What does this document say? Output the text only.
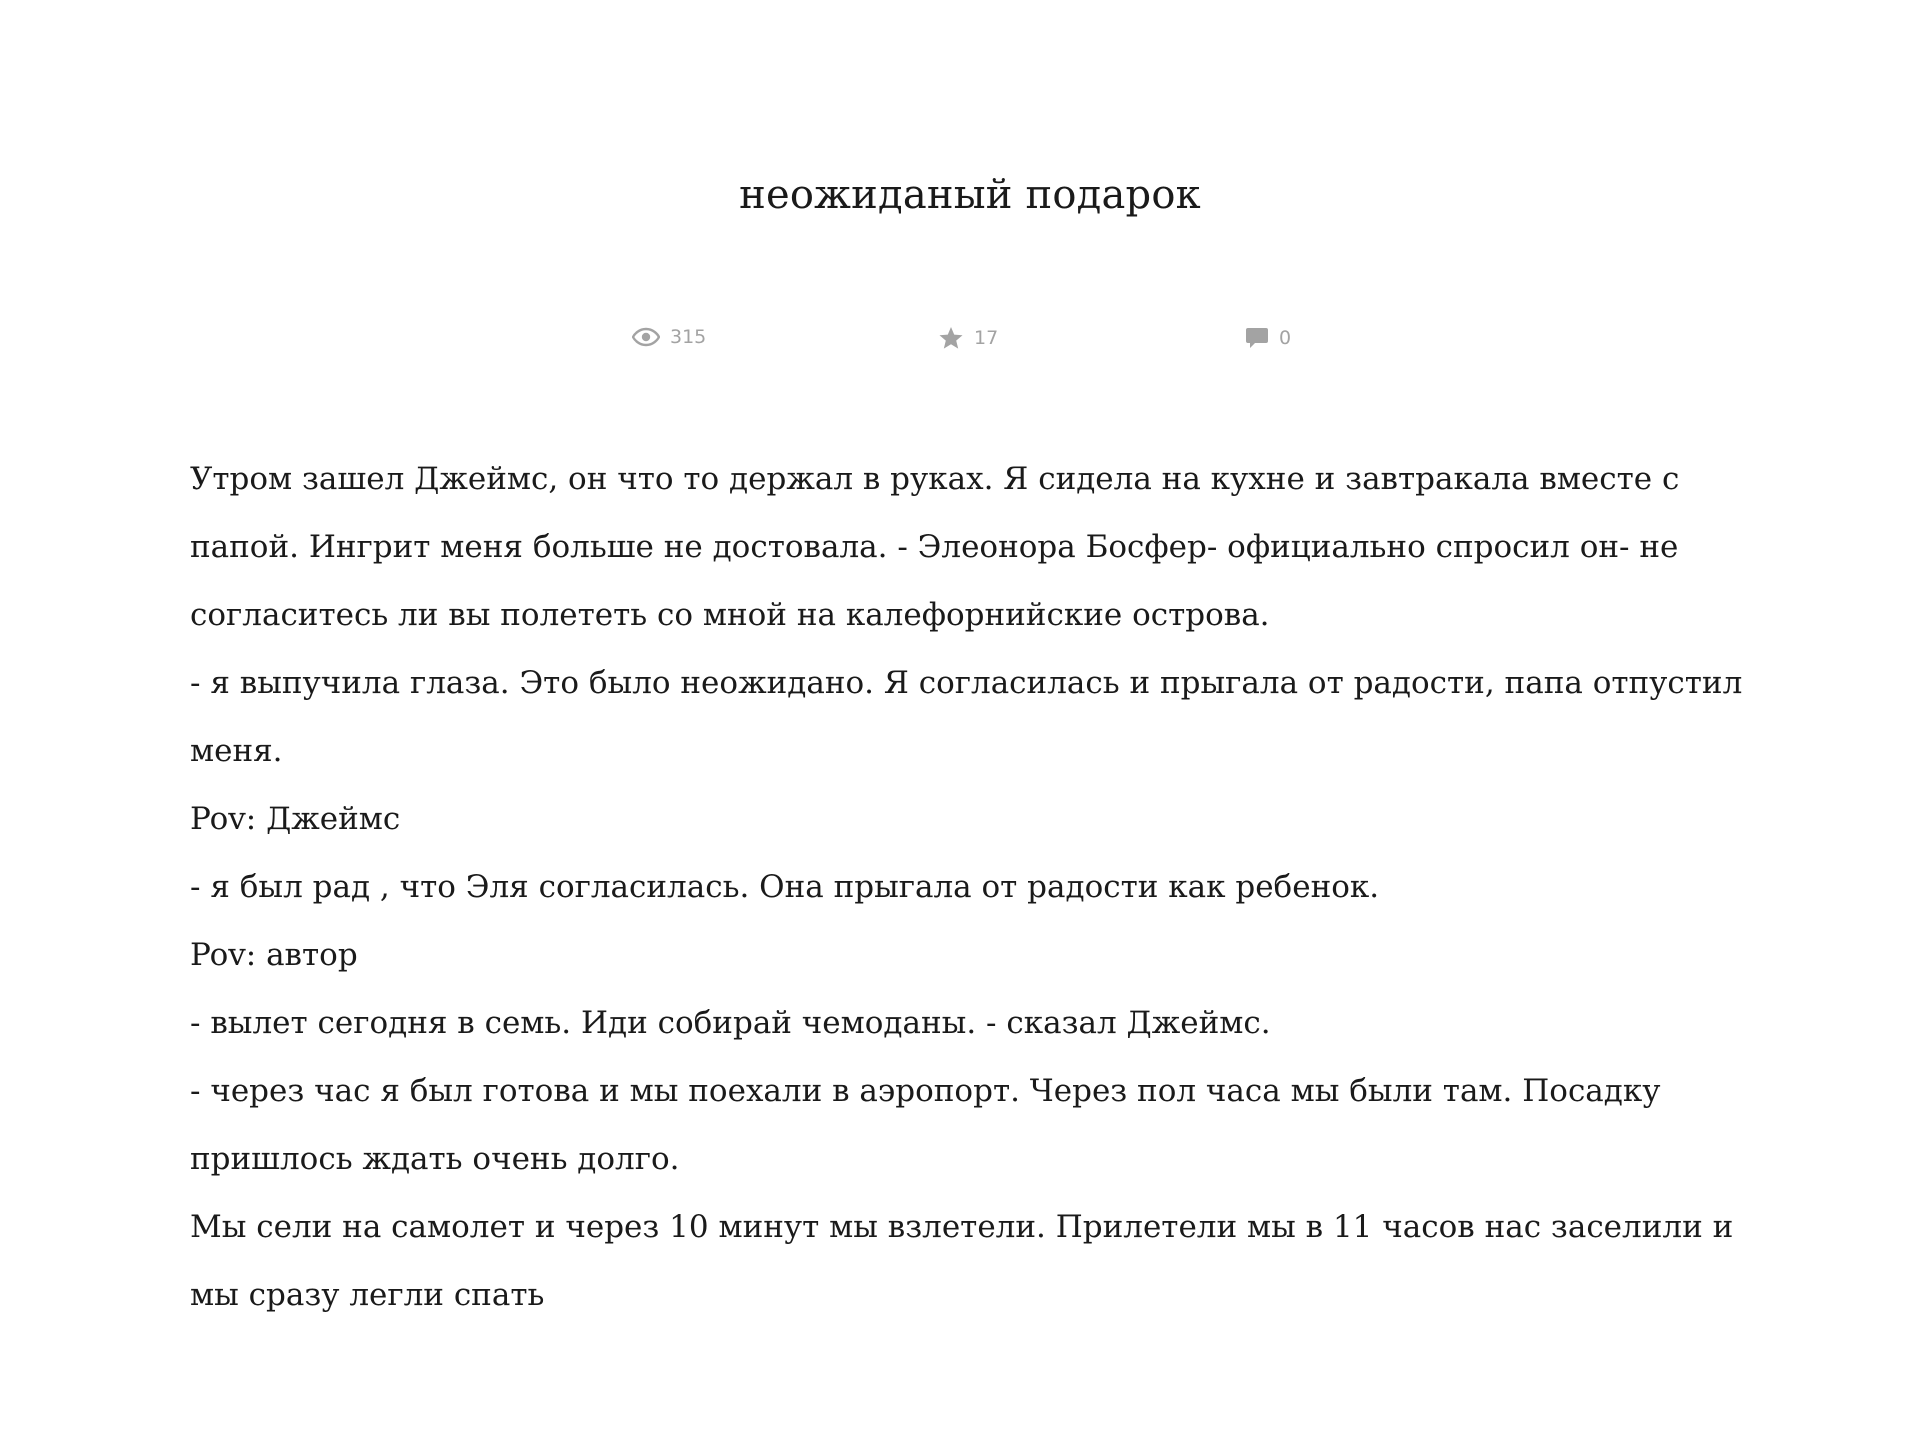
неожиданый подарок
315	17	0

Утром зашел Джеймс, он что то держал в руках. Я сидела на кухне и завтракала вместе с папой. Ингрит меня больше не достовала. - Элеонора Босфер- официально спросил он- не согласитесь ли вы полететь со мной на калефорнийские острова.

- я выпучила глаза. Это было неожидано. Я согласилась и прыгала от радости, папа отпустил меня.

Pov: Джеймс

- я был рад , что Эля согласилась. Она прыгала от радости как ребенок.

Pov: автор

- вылет сегодня в семь. Иди собирай чемоданы. - сказал Джеймс.

- через час я был готова и мы поехали в аэропорт. Через пол часа мы были там. Посадку пришлось ждать очень долго.

Мы сели на самолет и через 10 минут мы взлетели. Прилетели мы в 11 часов нас заселили и мы сразу легли спать
